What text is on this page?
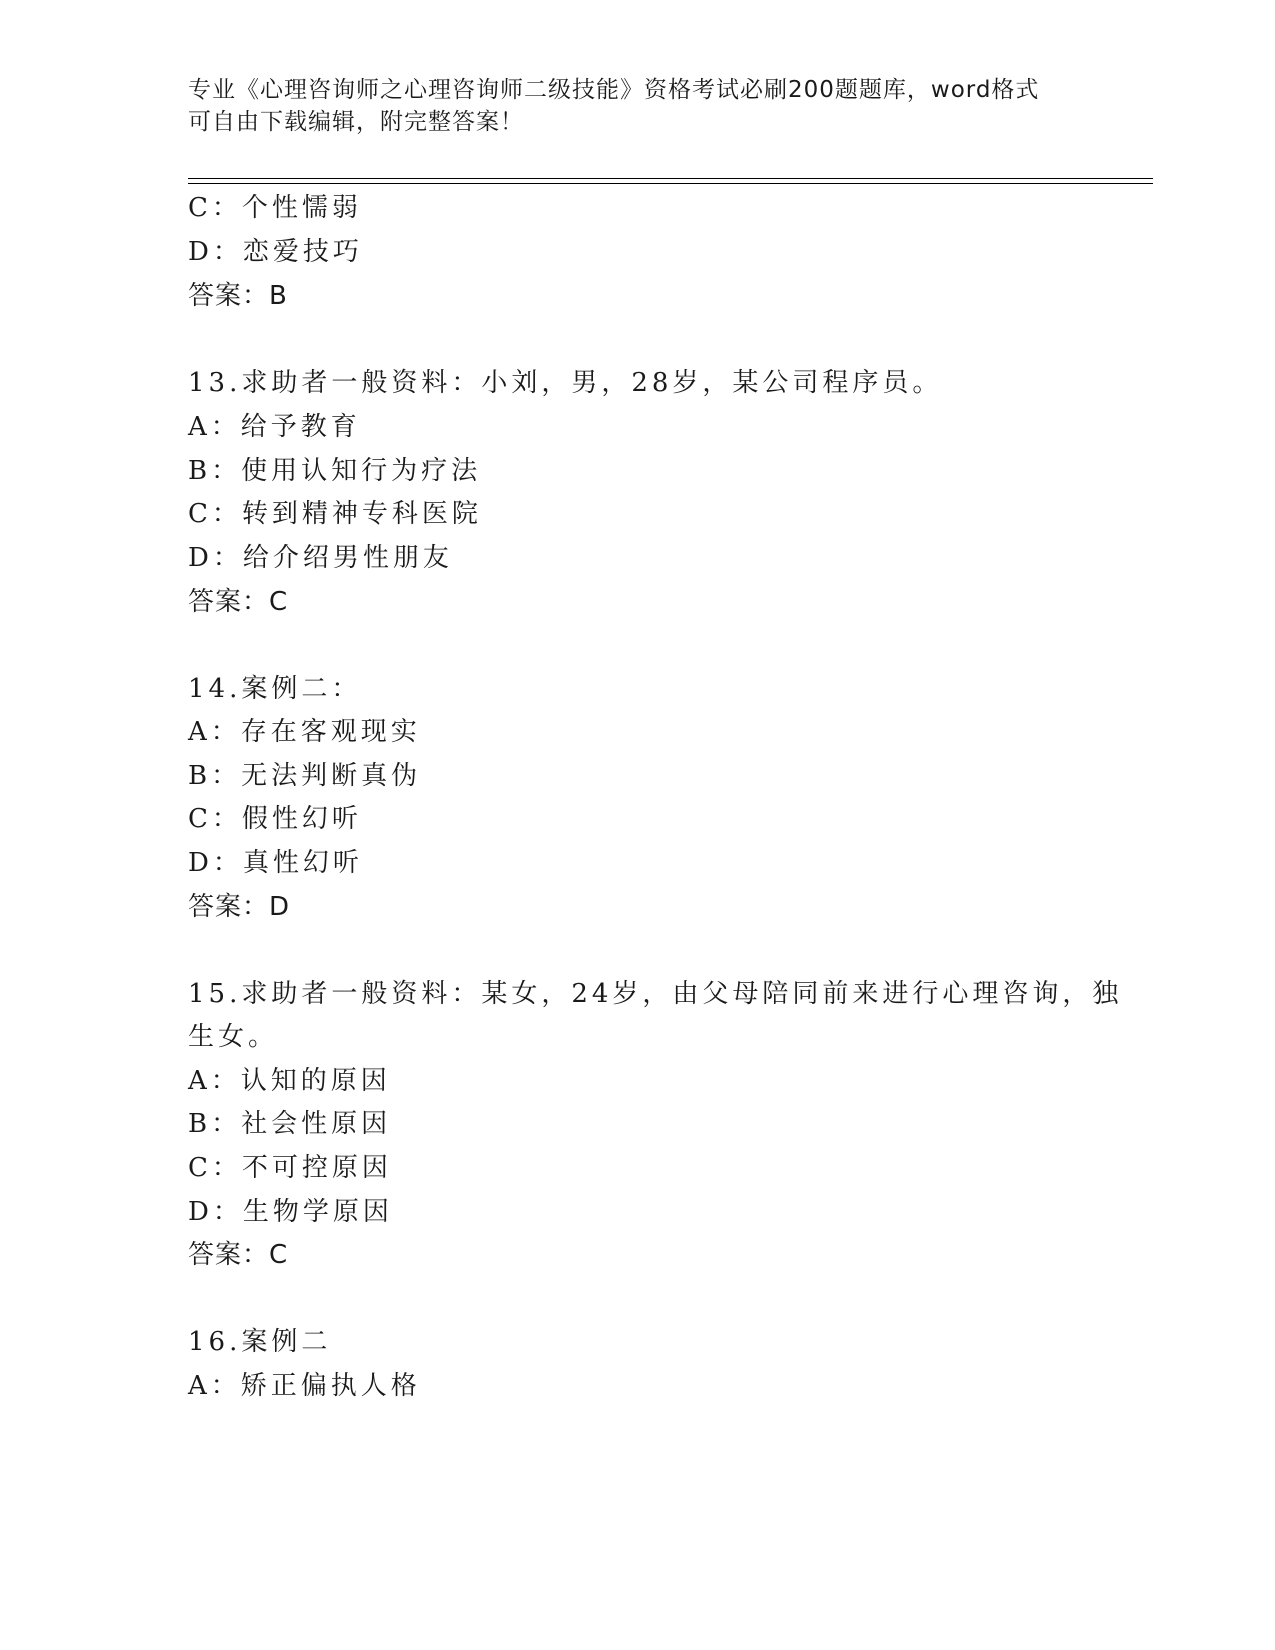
专业《心理咨询师之心理咨询师二级技能》资格考试必刷200题题库，word格式
可自由下载编辑，附完整答案！
C：个性懦弱
D：恋爱技巧
答案：B
13.求助者一般资料：小刘，男，28岁，某公司程序员。
A：给予教育
B：使用认知行为疗法
C：转到精神专科医院
D：给介绍男性朋友
答案：C
14.案例二：
A：存在客观现实
B：无法判断真伪
C：假性幻听
D：真性幻听
答案：D
15.求助者一般资料：某女，24岁，由父母陪同前来进行心理咨询，独
生女。
A：认知的原因
B：社会性原因
C：不可控原因
D：生物学原因
答案：C
16.案例二
A：矫正偏执人格
